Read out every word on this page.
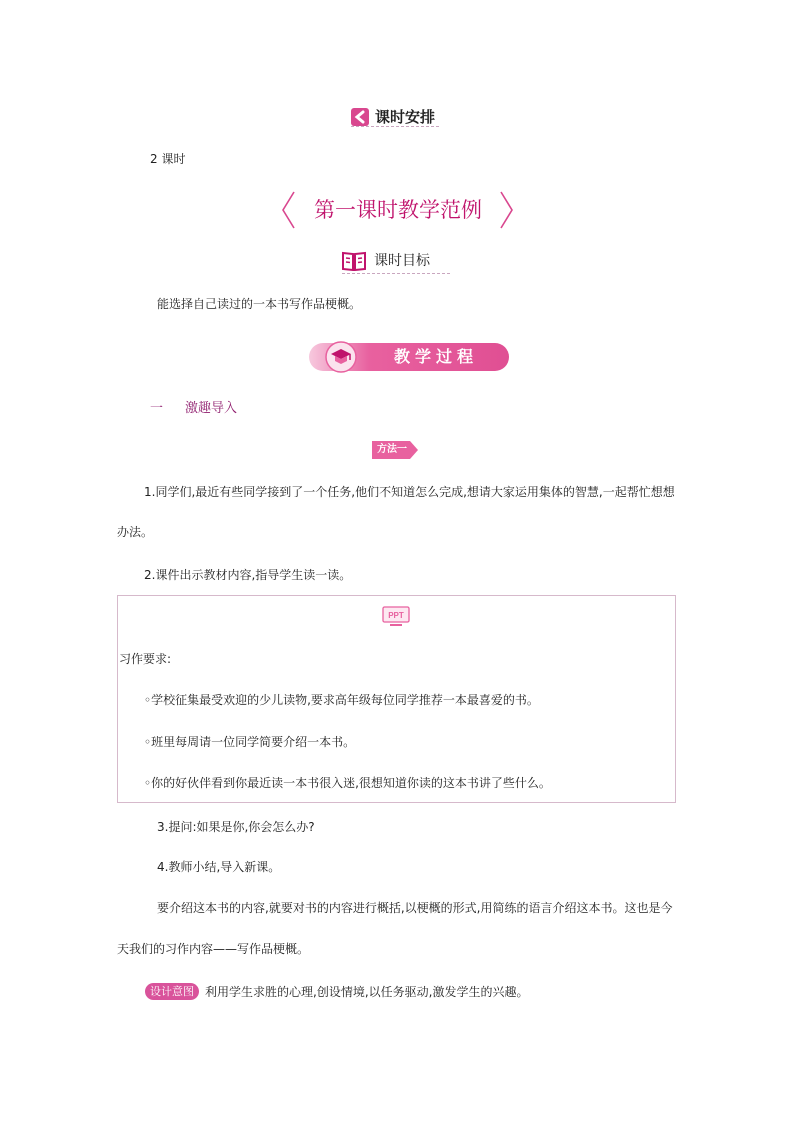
课时安排
2 课时
第一课时教学范例
课时目标
能选择自己读过的一本书写作品梗概。
教学过程
一 激趣导入
方法一
1.同学们,最近有些同学接到了一个任务,他们不知道怎么完成,想请大家运用集体的智慧,一起帮忙想想
办法。
2.课件出示教材内容,指导学生读一读。
PPT
习作要求:
◦学校征集最受欢迎的少儿读物,要求高年级每位同学推荐一本最喜爱的书。
◦班里每周请一位同学简要介绍一本书。
◦你的好伙伴看到你最近读一本书很入迷,很想知道你读的这本书讲了些什么。
3.提问:如果是你,你会怎么办?
4.教师小结,导入新课。
要介绍这本书的内容,就要对书的内容进行概括,以梗概的形式,用简练的语言介绍这本书。这也是今
天我们的习作内容——写作品梗概。
设计意图 利用学生求胜的心理,创设情境,以任务驱动,激发学生的兴趣。
